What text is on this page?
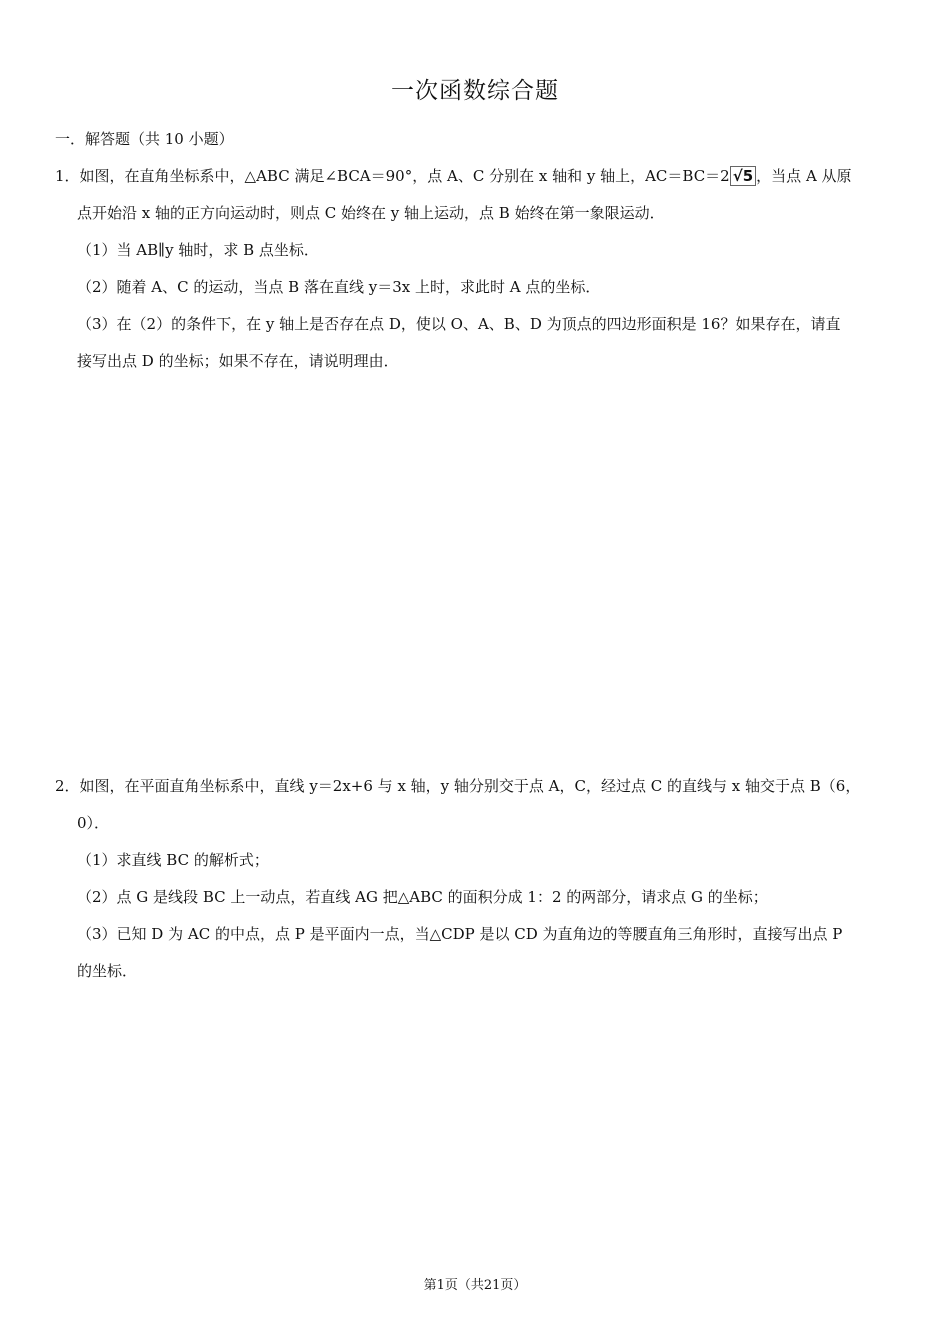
一次函数综合题
一．解答题（共 10 小题）
1．如图，在直角坐标系中，△ABC 满足∠BCA＝90°，点 A、C 分别在 x 轴和 y 轴上，AC＝BC＝2 √5 ，当点 A 从原
点开始沿 x 轴的正方向运动时，则点 C 始终在 y 轴上运动，点 B 始终在第一象限运动．
（1）当 AB∥y 轴时，求 B 点坐标．
（2）随着 A、C 的运动，当点 B 落在直线 y＝3x 上时，求此时 A 点的坐标．
（3）在（2）的条件下，在 y 轴上是否存在点 D，使以 O、A、B、D 为顶点的四边形面积是 16？如果存在，请直
接写出点 D 的坐标；如果不存在，请说明理由．
2．如图，在平面直角坐标系中，直线 y＝2x+6 与 x 轴，y 轴分别交于点 A，C，经过点 C 的直线与 x 轴交于点 B（6，
0）．
（1）求直线 BC 的解析式；
（2）点 G 是线段 BC 上一动点，若直线 AG 把△ABC 的面积分成 1：2 的两部分，请求点 G 的坐标；
（3）已知 D 为 AC 的中点，点 P 是平面内一点，当△CDP 是以 CD 为直角边的等腰直角三角形时，直接写出点 P
的坐标．
第1页（共21页）
